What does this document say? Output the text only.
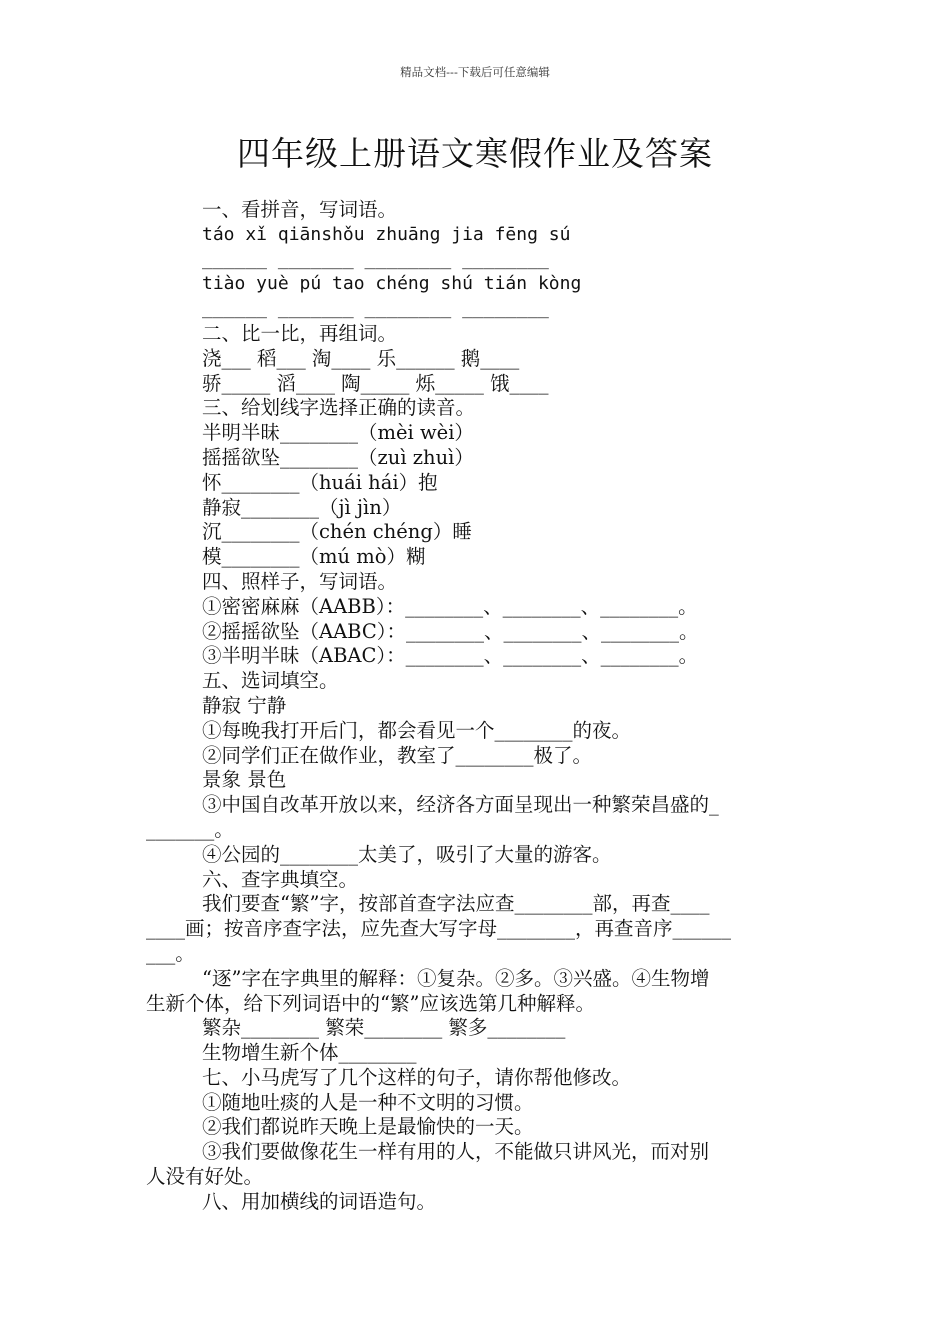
精品文档---下载后可任意编辑
四年级上册语文寒假作业及答案
一、看拼音，写词语。
táo xǐ qiānshǒu zhuāng jia fēng sú
______ _______ ________ ________
tiào yuè pú tao chéng shú tián kòng
______ _______ ________ ________
二、比一比，再组词。
浇___ 稻___ 淘____ 乐______ 鹅____
骄_____ 滔____ 陶_____ 烁_____ 饿____
三、给划线字选择正确的读音。
半明半昧________（mèi wèi）
摇摇欲坠________（zuì zhuì）
怀________（huái hái）抱
静寂________（jì jìn）
沉________（chén chéng）睡
模________（mú mò）糊
四、照样子，写词语。
①密密麻麻（AABB）：________、________、________。
②摇摇欲坠（AABC）：________、________、________。
③半明半昧（ABAC）：________、________、________。
五、选词填空。
静寂 宁静
①每晚我打开后门，都会看见一个________的夜。
②同学们正在做作业，教室了________极了。
景象 景色
③中国自改革开放以来，经济各方面呈现出一种繁荣昌盛的_
_______。
④公园的________太美了，吸引了大量的游客。
六、查字典填空。
我们要查“繁”字，按部首查字法应查________部，再查____
____画；按音序查字法，应先查大写字母________，再查音序______
___。
“逐”字在字典里的解释：①复杂。②多。③兴盛。④生物增
生新个体，给下列词语中的“繁”应该选第几种解释。
繁杂________ 繁荣________ 繁多________
生物增生新个体________
七、小马虎写了几个这样的句子，请你帮他修改。
①随地吐痰的人是一种不文明的习惯。
②我们都说昨天晚上是最愉快的一天。
③我们要做像花生一样有用的人，不能做只讲风光，而对别
人没有好处。
八、用加横线的词语造句。
